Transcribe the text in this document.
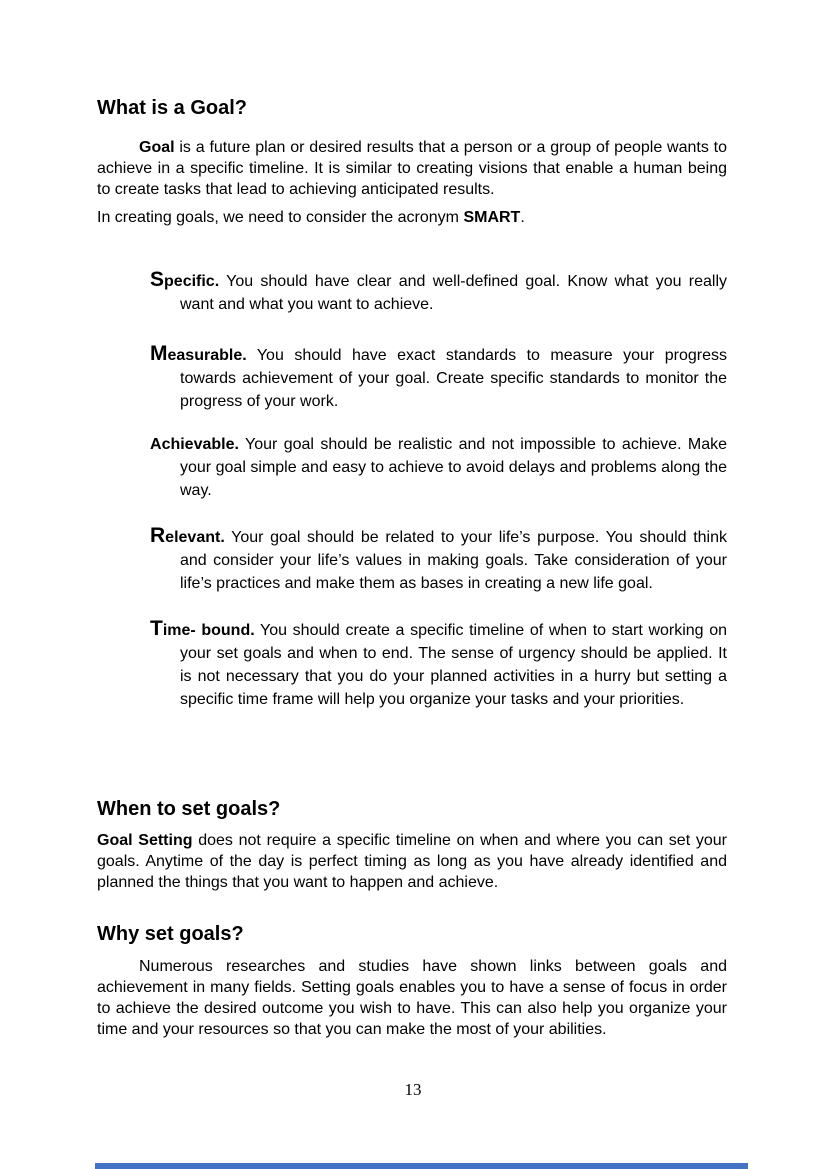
What is a Goal?

Goal is a future plan or desired results that a person or a group of people wants to achieve in a specific timeline. It is similar to creating visions that enable a human being to create tasks that lead to achieving anticipated results.

In creating goals, we need to consider the acronym SMART.

Specific. You should have clear and well-defined goal. Know what you really want and what you want to achieve.

Measurable. You should have exact standards to measure your progress towards achievement of your goal. Create specific standards to monitor the progress of your work.

Achievable. Your goal should be realistic and not impossible to achieve. Make your goal simple and easy to achieve to avoid delays and problems along the way.

Relevant. Your goal should be related to your life’s purpose. You should think and consider your life’s values in making goals. Take consideration of your life’s practices and make them as bases in creating a new life goal.

Time- bound. You should create a specific timeline of when to start working on your set goals and when to end. The sense of urgency should be applied. It is not necessary that you do your planned activities in a hurry but setting a specific time frame will help you organize your tasks and your priorities.

When to set goals?

Goal Setting does not require a specific timeline on when and where you can set your goals. Anytime of the day is perfect timing as long as you have already identified and planned the things that you want to happen and achieve.

Why set goals?

Numerous researches and studies have shown links between goals and achievement in many fields. Setting goals enables you to have a sense of focus in order to achieve the desired outcome you wish to have. This can also help you organize your time and your resources so that you can make the most of your abilities.

13
